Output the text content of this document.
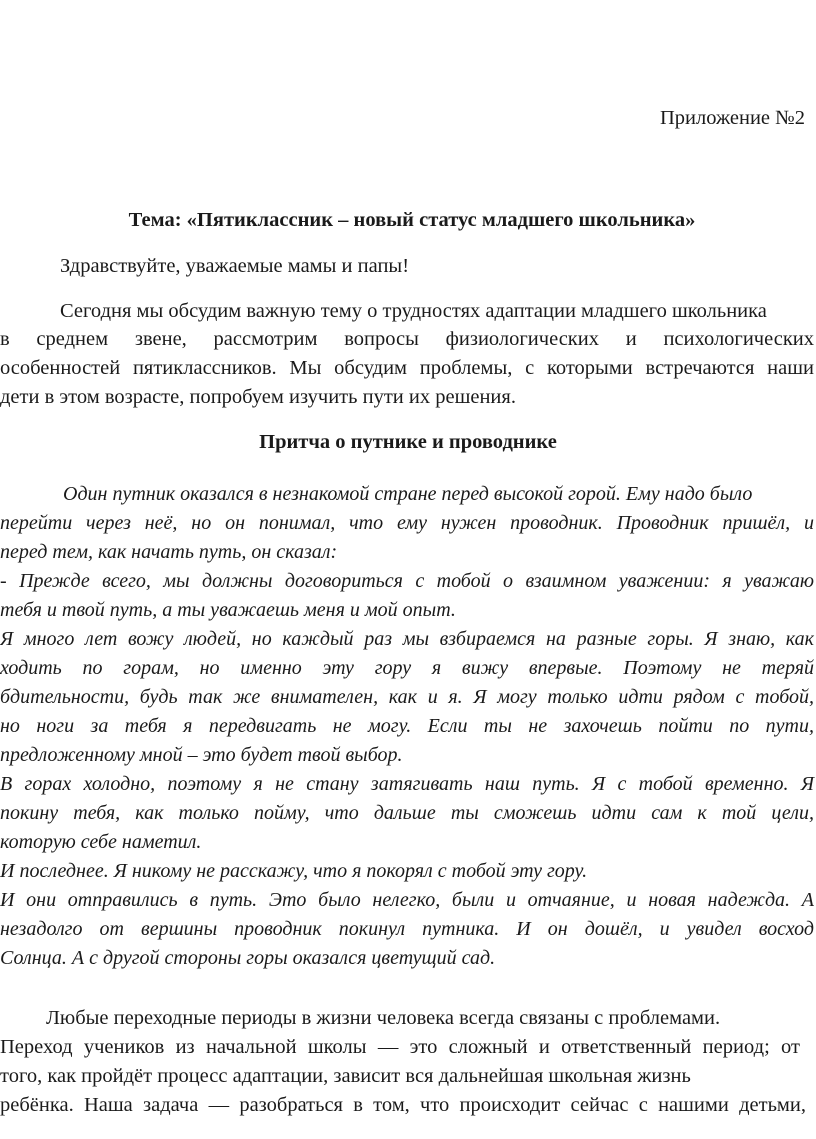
Приложение №2
Тема: «Пятиклассник – новый статус младшего школьника»
Здравствуйте, уважаемые мамы и папы!
Сегодня мы обсудим важную тему о трудностях адаптации младшего школьника
в среднем звене, рассмотрим вопросы физиологических и психологических
особенностей пятиклассников. Мы обсудим проблемы, с которыми встречаются наши
дети в этом возрасте, попробуем изучить пути их решения.
Притча о путнике и проводнике
Один путник оказался в незнакомой стране перед высокой горой. Ему надо было
перейти через неё, но он понимал, что ему нужен проводник. Проводник пришёл, и
перед тем, как начать путь, он сказал:
- Прежде всего, мы должны договориться с тобой о взаимном уважении: я уважаю
тебя и твой путь, а ты уважаешь меня и мой опыт.
Я много лет вожу людей, но каждый раз мы взбираемся на разные горы. Я знаю, как
ходить по горам, но именно эту гору я вижу впервые. Поэтому не теряй
бдительности, будь так же внимателен, как и я. Я могу только идти рядом с тобой,
но ноги за тебя я передвигать не могу. Если ты не захочешь пойти по пути,
предложенному мной – это будет твой выбор.
В горах холодно, поэтому я не стану затягивать наш путь. Я с тобой временно. Я
покину тебя, как только пойму, что дальше ты сможешь идти сам к той цели,
которую себе наметил.
И последнее. Я никому не расскажу, что я покорял с тобой эту гору.
И они отправились в путь. Это было нелегко, были и отчаяние, и новая надежда. А
незадолго от вершины проводник покинул путника. И он дошёл, и увидел восход
Солнца. А с другой стороны горы оказался цветущий сад.
Любые переходные периоды в жизни человека всегда связаны с проблемами.
Переход учеников из начальной школы — это сложный и ответственный период; от
того, как пройдёт процесс адаптации, зависит вся дальнейшая школьная жизнь
ребёнка. Наша задача — разобраться в том, что происходит сейчас с нашими детьми,
